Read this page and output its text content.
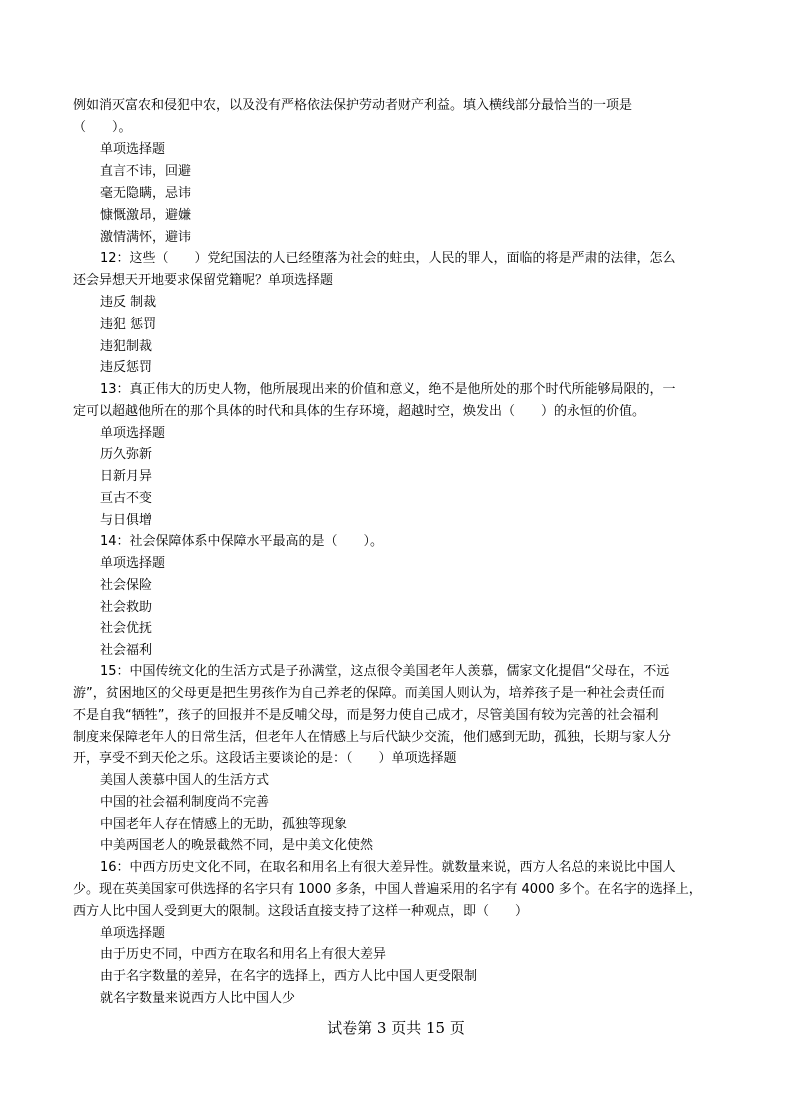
例如消灭富农和侵犯中农，以及没有严格依法保护劳动者财产利益。填入横线部分最恰当的一项是
（　　）。
单项选择题
直言不讳，回避
毫无隐瞒，忌讳
慷慨激昂，避嫌
激情满怀，避讳
12：这些（　　）党纪国法的人已经堕落为社会的蛀虫，人民的罪人，面临的将是严肃的法律，怎么
还会异想天开地要求保留党籍呢？单项选择题
违反 制裁
违犯 惩罚
违犯制裁
违反惩罚
13：真正伟大的历史人物，他所展现出来的价值和意义，绝不是他所处的那个时代所能够局限的，一
定可以超越他所在的那个具体的时代和具体的生存环境，超越时空，焕发出（　　）的永恒的价值。
单项选择题
历久弥新
日新月异
亘古不变
与日俱增
14：社会保障体系中保障水平最高的是（　　）。
单项选择题
社会保险
社会救助
社会优抚
社会福利
15：中国传统文化的生活方式是子孙满堂，这点很令美国老年人羡慕，儒家文化提倡“父母在，不远
游”，贫困地区的父母更是把生男孩作为自己养老的保障。而美国人则认为，培养孩子是一种社会责任而
不是自我“牺牲”，孩子的回报并不是反哺父母，而是努力使自己成才，尽管美国有较为完善的社会福利
制度来保障老年人的日常生活，但老年人在情感上与后代缺少交流，他们感到无助，孤独，长期与家人分
开，享受不到天伦之乐。这段话主要谈论的是：（　　）单项选择题
美国人羡慕中国人的生活方式
中国的社会福利制度尚不完善
中国老年人存在情感上的无助，孤独等现象
中美两国老人的晚景截然不同，是中美文化使然
16：中西方历史文化不同，在取名和用名上有很大差异性。就数量来说，西方人名总的来说比中国人
少。现在英美国家可供选择的名字只有 1000 多条，中国人普遍采用的名字有 4000 多个。在名字的选择上，
西方人比中国人受到更大的限制。这段话直接支持了这样一种观点，即（　　）
单项选择题
由于历史不同，中西方在取名和用名上有很大差异
由于名字数量的差异，在名字的选择上，西方人比中国人更受限制
就名字数量来说西方人比中国人少
试卷第 3 页共 15 页
